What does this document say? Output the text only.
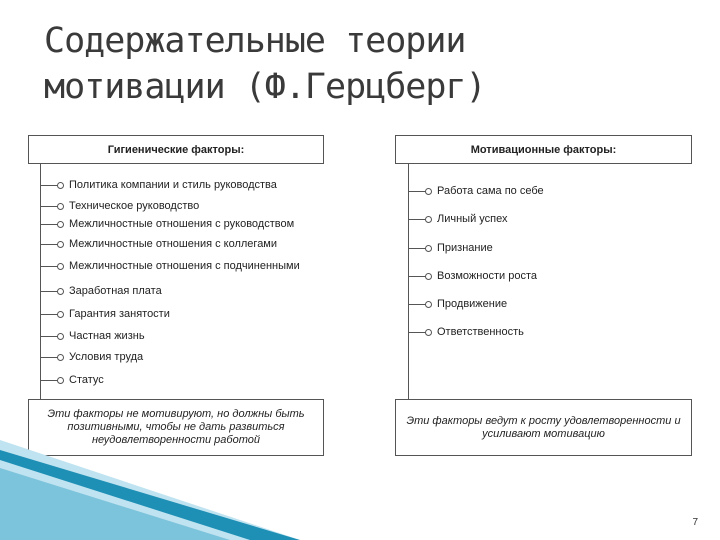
Содержательные теории
мотивации (Ф.Герцберг)
Гигиенические факторы:
Политика компании и стиль руководства
Техническое руководство
Межличностные отношения с руководством
Межличностные отношения с коллегами
Межличностные отношения с подчиненными
Заработная плата
Гарантия занятости
Частная жизнь
Условия труда
Статус
Эти факторы не мотивируют, но должны быть позитивными, чтобы не дать развиться неудовлетворенности работой
Мотивационные факторы:
Работа сама по себе
Личный успех
Признание
Возможности роста
Продвижение
Ответственность
Эти факторы ведут к росту удовлетворенности и усиливают мотивацию
7
